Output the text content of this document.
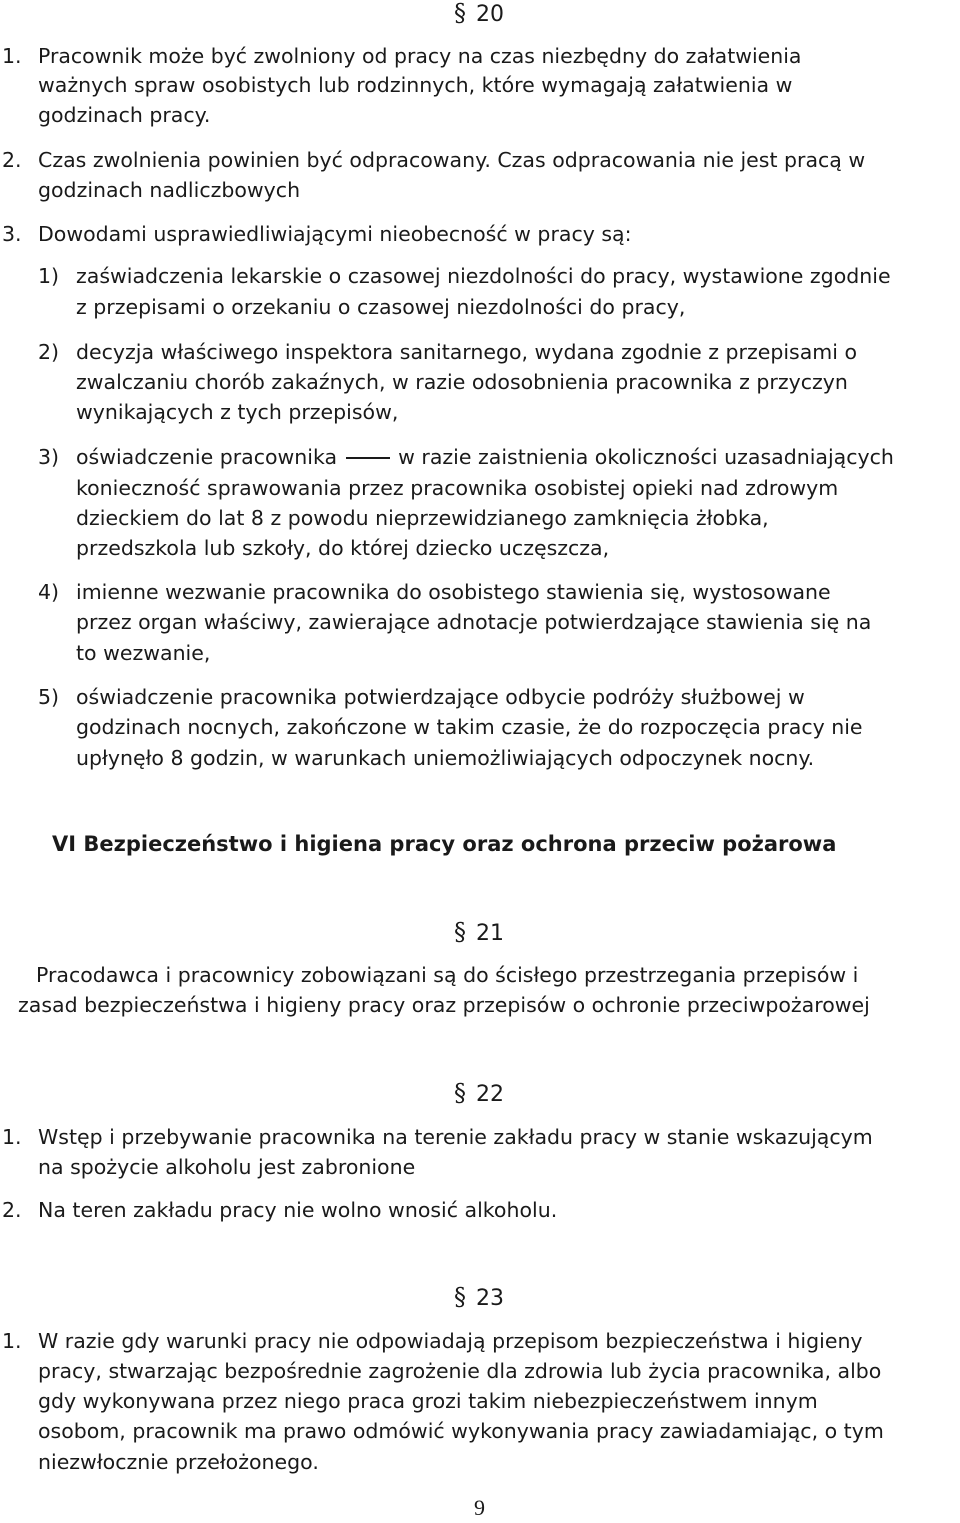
§ 20
1. Pracownik może być zwolniony od pracy na czas niezbędny do załatwienia
ważnych spraw osobistych lub rodzinnych, które wymagają załatwienia w
godzinach pracy.
2. Czas zwolnienia powinien być odpracowany. Czas odpracowania nie jest pracą w
godzinach nadliczbowych
3. Dowodami usprawiedliwiającymi nieobecność w pracy są:
1) zaświadczenia lekarskie o czasowej niezdolności do pracy, wystawione zgodnie
z przepisami o orzekaniu o czasowej niezdolności do pracy,
2) decyzja właściwego inspektora sanitarnego, wydana zgodnie z przepisami o
zwalczaniu chorób zakaźnych, w razie odosobnienia pracownika z przyczyn
wynikających z tych przepisów,
3) oświadczenie pracownika	w razie zaistnienia okoliczności uzasadniających
konieczność sprawowania przez pracownika osobistej opieki nad zdrowym
dzieckiem do lat 8 z powodu nieprzewidzianego zamknięcia żłobka,
przedszkola lub szkoły, do której dziecko uczęszcza,
4) imienne wezwanie pracownika do osobistego stawienia się, wystosowane
przez organ właściwy, zawierające adnotacje potwierdzające stawienia się na
to wezwanie,
5) oświadczenie pracownika potwierdzające odbycie podróży służbowej w
godzinach nocnych, zakończone w takim czasie, że do rozpoczęcia pracy nie
upłynęło 8 godzin, w warunkach uniemożliwiających odpoczynek nocny.
VI Bezpieczeństwo i higiena pracy oraz ochrona przeciw pożarowa
§ 21
Pracodawca i pracownicy zobowiązani są do ścisłego przestrzegania przepisów i
zasad bezpieczeństwa i higieny pracy oraz przepisów o ochronie przeciwpożarowej
§ 22
1. Wstęp i przebywanie pracownika na terenie zakładu pracy w stanie wskazującym
na spożycie alkoholu jest zabronione
2. Na teren zakładu pracy nie wolno wnosić alkoholu.
§ 23
1. W razie gdy warunki pracy nie odpowiadają przepisom bezpieczeństwa i higieny
pracy, stwarzając bezpośrednie zagrożenie dla zdrowia lub życia pracownika, albo
gdy wykonywana przez niego praca grozi takim niebezpieczeństwem innym
osobom, pracownik ma prawo odmówić wykonywania pracy zawiadamiając, o tym
niezwłocznie przełożonego.
9
